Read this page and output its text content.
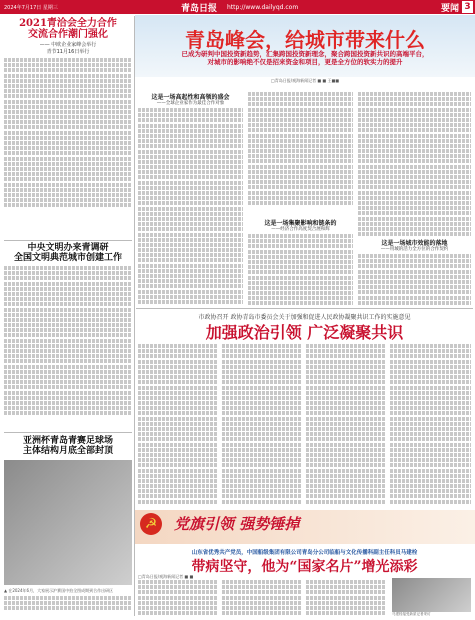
2024年7月17日 星期三	青岛日报 http://www.dailyqd.com	要闻 3
2021青洽会全力合作
交流合作潮门强化
—— 中欧企业家峰会举行
青节11月16日举行
中央文明办来青调研
全国文明典范城市创建工作
亚洲杯青岛青赛足球场
主体结构月底全部封顶
▲ 在2024年6月，大家展示沪赛国中拍全图成期到合作出研区
青岛峰会，给城市带来什么
已成为研判中国投资新趋势，汇集跨国投资新理念，聚合跨国投资新共识的高端平台，
对城市的影响绝不仅是招来资金和项目，更是全方位的软实力的提升
□青岛日报/观海新闻记者 ■ ■ 王■■
这是一场高起性和高领的盛会
——全球企业家作为最佳合作对象
这是一场集聚影响和链条的
——经济合作高度契合展和辉
这是一场城市效能的落地
——用城的活力全方位的合作契约
市政协召开 政协青岛市委员会关于加强和促进人民政协凝聚共识工作的实施意见
加强政治引领 广泛凝聚共识
☭	党旗引领 强势锤掉
山东省优秀共产党员，中国船级集团有限公司青岛分公司临船与文化传播科副主任科员马建栓
带病坚守，他为“国家名片”增光添彩
□青岛日报/观海新闻记者 ■ ■
马建栓接受新质记者采访
